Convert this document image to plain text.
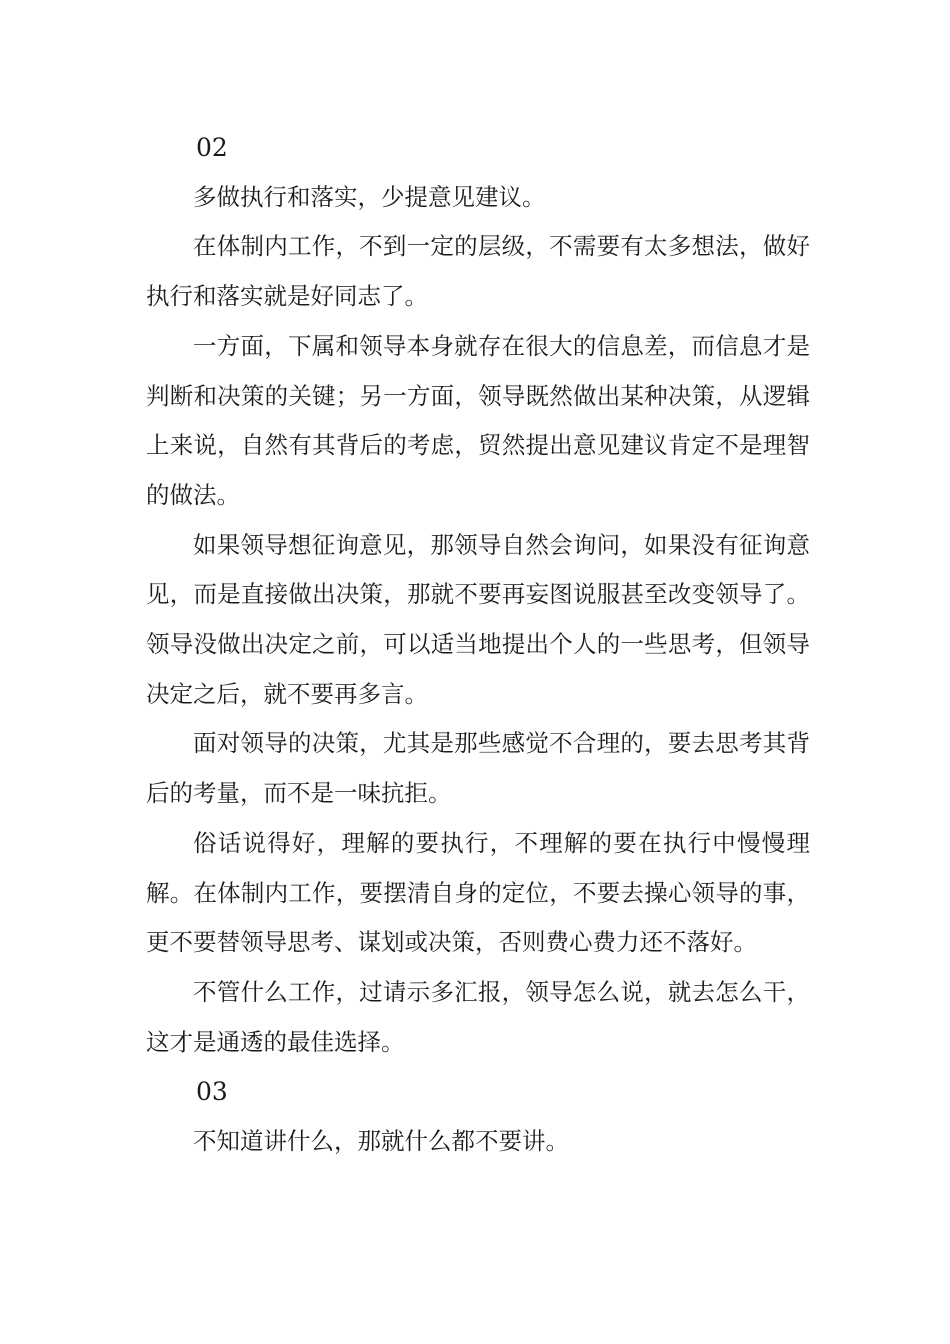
02

多做执行和落实，少提意见建议。

在体制内工作，不到一定的层级，不需要有太多想法，做好执行和落实就是好同志了。

一方面，下属和领导本身就存在很大的信息差，而信息才是判断和决策的关键；另一方面，领导既然做出某种决策，从逻辑上来说，自然有其背后的考虑，贸然提出意见建议肯定不是理智的做法。

如果领导想征询意见，那领导自然会询问，如果没有征询意见，而是直接做出决策，那就不要再妄图说服甚至改变领导了。领导没做出决定之前，可以适当地提出个人的一些思考，但领导决定之后，就不要再多言。

面对领导的决策，尤其是那些感觉不合理的，要去思考其背后的考量，而不是一味抗拒。

俗话说得好，理解的要执行，不理解的要在执行中慢慢理解。在体制内工作，要摆清自身的定位，不要去操心领导的事，更不要替领导思考、谋划或决策，否则费心费力还不落好。

不管什么工作，过请示多汇报，领导怎么说，就去怎么干，这才是通透的最佳选择。

03

不知道讲什么，那就什么都不要讲。
